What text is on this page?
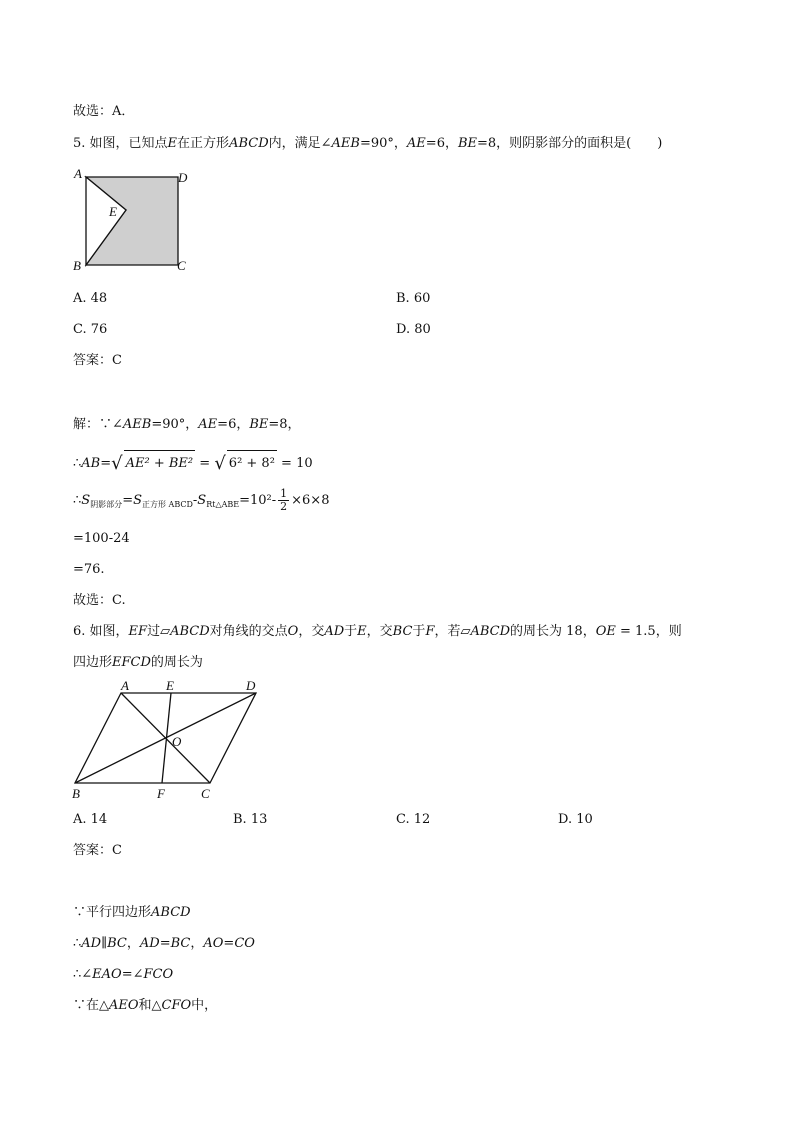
故选：A．
5. 如图，已知点E在正方形ABCD内，满足∠AEB=90°，AE=6，BE=8，则阴影部分的面积是(　　)
A	D
E
B	C
A. 48	B. 60
C. 76	D. 80
答案：C
解：∵∠AEB=90°，AE=6，BE=8，
∴AB=√ AE² + BE² = √ 6² + 8² = 10
$\therefore S_{阴影部分}=S_{正方形 ABCD}-S_{Rt\triangle ABE}=10^2- \frac{1}{2} \times 6\times 8$
=100-24
=76.
故选：C.
6. 如图，EF过▱ABCD对角线的交点O，交AD于E，交BC于F，若▱ABCD的周长为 18，OE = 1.5，则
四边形EFCD的周长为
A	E	D
O
B	F	C
A. 14	B. 13	C. 12	D. 10
答案：C
∵平行四边形ABCD
∴AD∥BC，AD=BC，AO=CO
∴∠EAO=∠FCO
∵在△AEO和△CFO中，
